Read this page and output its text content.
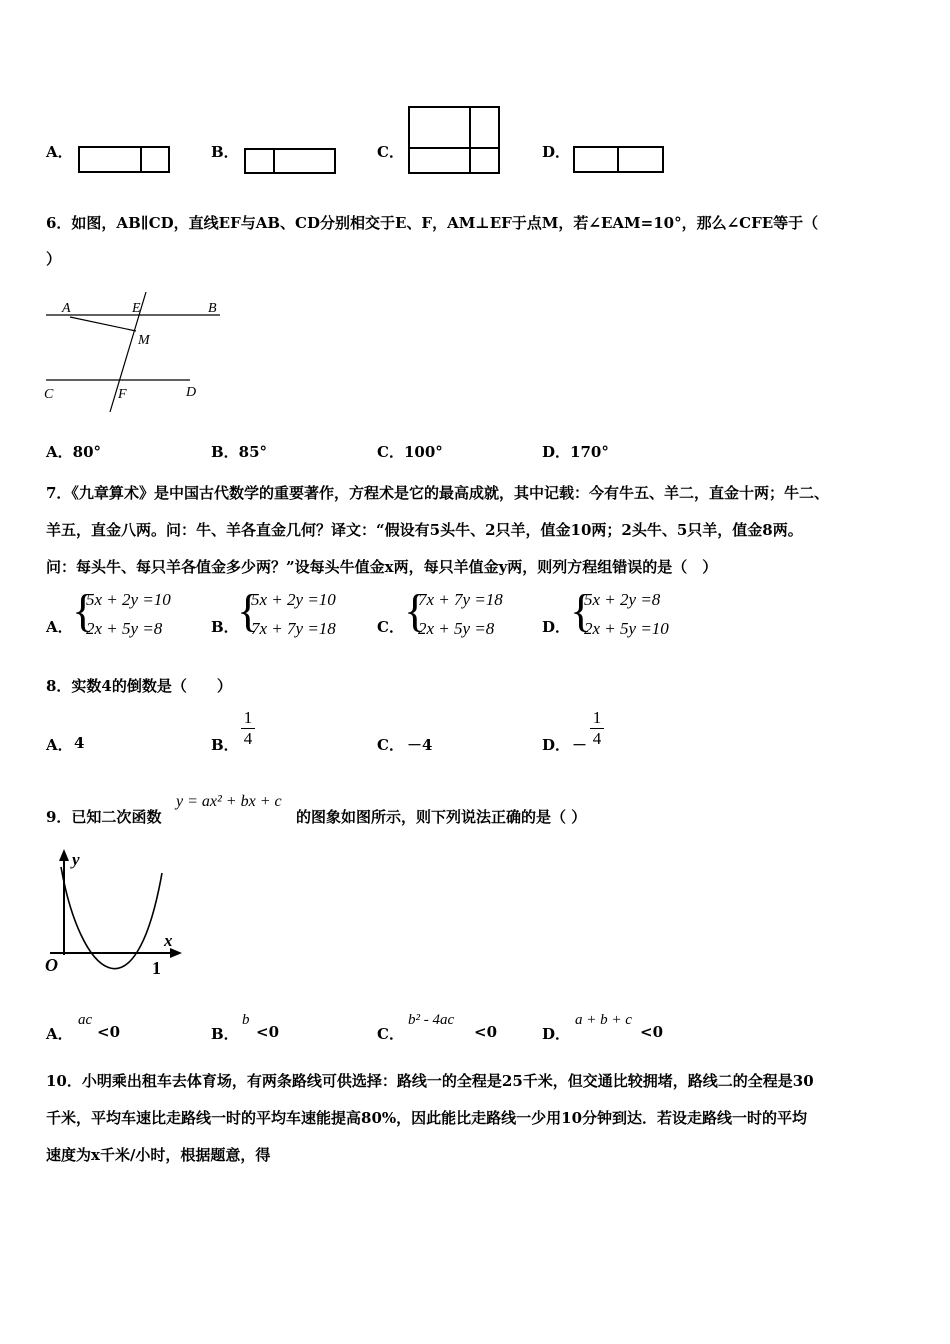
A．	B．	C．	D．
6．如图，AB∥CD，直线EF与AB、CD分别相交于E、F，AM⊥EF于点M，若∠EAM=10°，那么∠CFE等于（
）
A	E	B
M
C	F	D
A．80°	B．85°	C．100°	D．170°
7．《九章算术》是中国古代数学的重要著作，方程术是它的最高成就，其中记载：今有牛五、羊二，直金十两；牛二、
羊五，直金八两。问：牛、羊各直金几何？译文：“假设有5头牛、2只羊，值金10两；2头牛、5只羊，值金8两。
问：每头牛、每只羊各值金多少两？”设每头牛值金x两，每只羊值金y两，则列方程组错误的是（　）
A． {
5x + 2y =10
2x + 5y =8	B．
{
5x + 2y =10
7x + 7y =18	C． {
7x + 7y =18
2x + 5y =8	D． {
5x + 2y =8
2x + 5y =10
8．实数4的倒数是（　　）
A． 4	B．
1
4	C． －4	D． －
1
4
9．已知二次函数
y = ax² + bx + c
的图象如图所示，则下列说法正确的是（ ）
y
x
O	1
A．
ac
<0	B．
b
<0	C．
b² - 4ac
<0	D．
a + b + c
<0
10．小明乘出租车去体育场，有两条路线可供选择：路线一的全程是25千米，但交通比较拥堵，路线二的全程是30
千米，平均车速比走路线一时的平均车速能提高80%，因此能比走路线一少用10分钟到达．若设走路线一时的平均
速度为x千米/小时，根据题意，得
